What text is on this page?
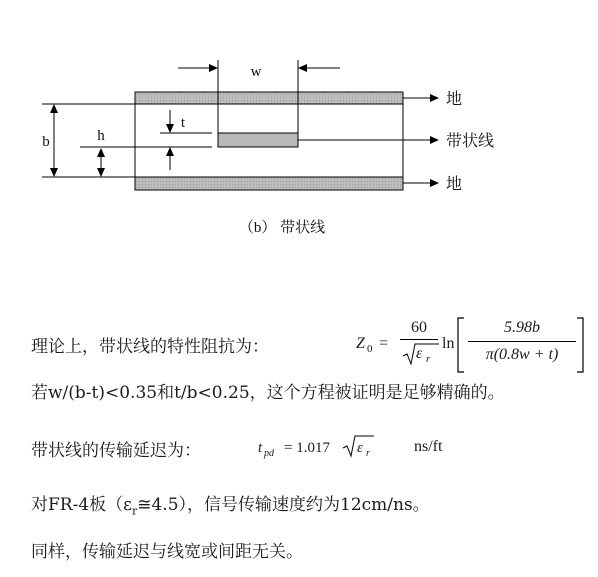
w
t
h
b
地
带状线
地
（b） 带状线
理论上，带状线的特性阻抗为：	Z 0 =
60
ε r
ln
5.98b
π(0.8w + t)
若w/(b-t)<0.35和t/b<0.25，这个方程被证明是足够精确的。
带状线的传输延迟为：	t pd = 1.017 ε r	ns/ft
对FR-4板$(\varepsilon_r≅4.5)$，信号传输速度约为12cm/ns。
同样，传输延迟与线宽或间距无关。
